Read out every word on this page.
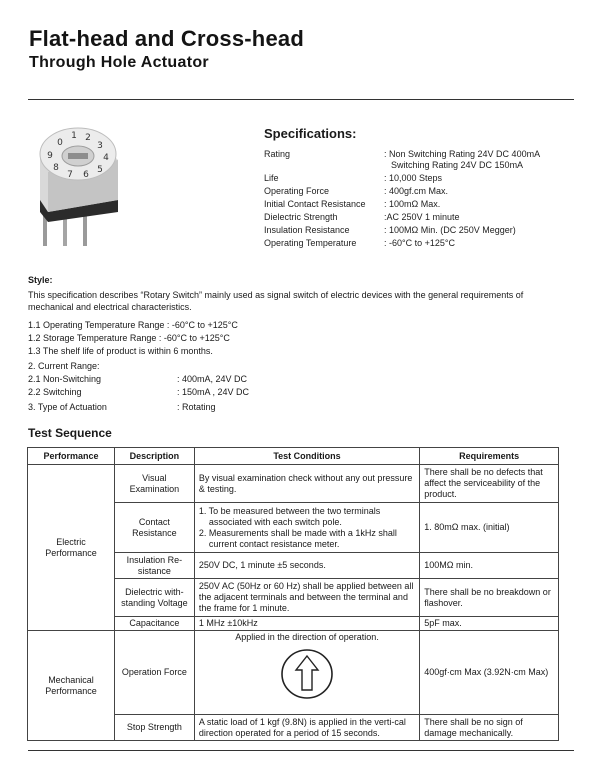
Flat-head and Cross-head
Through Hole Actuator
0
1 2
3
4
5
6
7
8
9
Specifications:
Rating	: Non Switching Rating 24V DC 400mA
Switching Rating 24V DC 150mA
Life	: 10,000 Steps
Operating Force	: 400gf.cm Max.
Initial Contact Resistance : 100mΩ Max.
Dielectric Strength	:AC 250V 1 minute
Insulation Resistance	: 100MΩ Min. (DC 250V Megger)
Operating Temperature	: -60°C to +125°C
Style:
This specification describes “Rotary Switch” mainly used as signal switch of electric devices with the general requirements of mechanical and electrical characteristics.
1.1 Operating Temperature Range : -60°C to +125°C
1.2 Storage Temperature Range : -60°C to +125°C
1.3 The shelf life of product is within 6 months.
2. Current Range:
2.1 Non-Switching	: 400mA, 24V DC
2.2 Switching	: 150mA , 24V DC
3. Type of Actuation	: Rotating
Test Sequence
Performance	Description	Test Conditions	Requirements
Electric Performance	Visual Examination	By visual examination check without any out pressure & testing.	There shall be no defects that affect the serviceability of the product.
	Contact Resistance	1. To be measured between the two terminals associated with each switch pole.
2. Measurements shall be made with a 1kHz shall current contact resistance meter.	1. 80mΩ max. (initial)
	Insulation Re-sistance	250V DC, 1 minute ±5 seconds.	100MΩ min.
	Dielectric with-standing Voltage	250V AC (50Hz or 60 Hz) shall be applied between all the adjacent terminals and between the terminal and the frame for 1 minute.	There shall be no breakdown or flashover.
	Capacitance	1 MHz ±10kHz	5pF max.
Mechanical Performance	Operation Force	Applied in the direction of operation.	400gf·cm Max (3.92N·cm Max)
	Stop Strength	A static load of 1 kgf (9.8N) is applied in the verti-cal direction operated for a period of 15 seconds.	There shall be no sign of damage mechanically.
